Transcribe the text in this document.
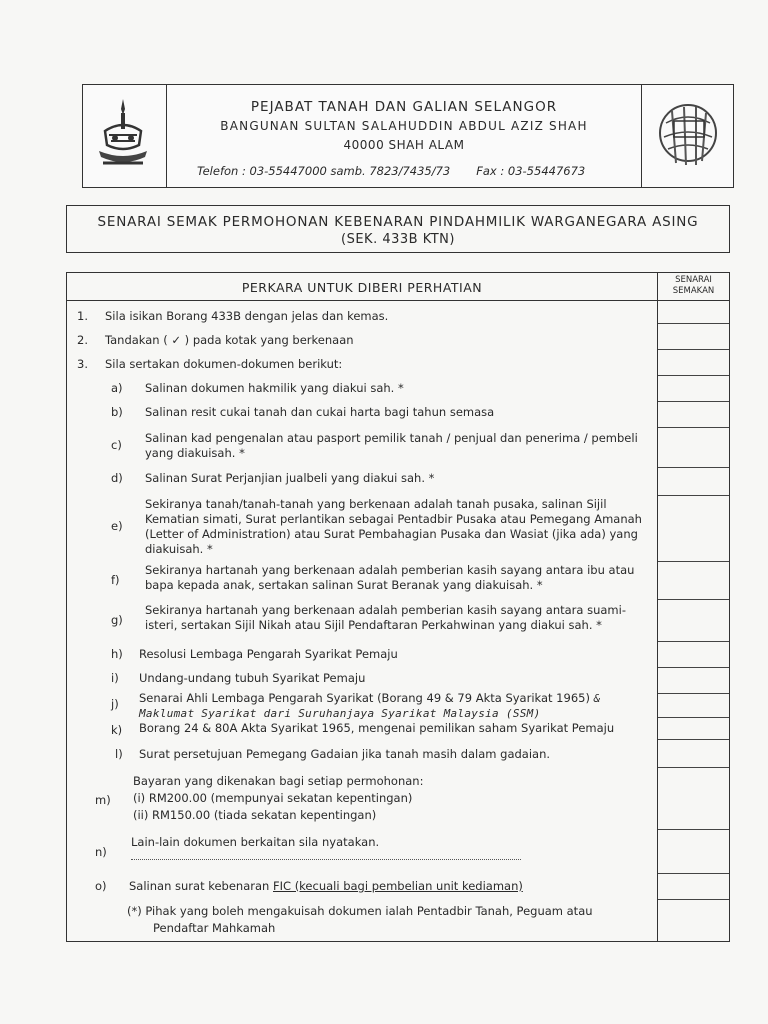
PEJABAT TANAH DAN GALIAN SELANGOR
BANGUNAN SULTAN SALAHUDDIN ABDUL AZIZ SHAH
40000 SHAH ALAM
Telefon : 03-55447000 samb. 7823/7435/73 Fax : 03-55447673
SENARAI SEMAK PERMOHONAN KEBENARAN PINDAHMILIK WARGANEGARA ASING
(SEK. 433B KTN)
PERKARA UNTUK DIBERI PERHATIAN	SENARAI
SEMAKAN
1. Sila isikan Borang 433B dengan jelas dan kemas.
2. Tandakan ( ✓ ) pada kotak yang berkenaan
3. Sila sertakan dokumen-dokumen berikut:
a) Salinan dokumen hakmilik yang diakui sah. *
b) Salinan resit cukai tanah dan cukai harta bagi tahun semasa
c) Salinan kad pengenalan atau pasport pemilik tanah / penjual dan penerima / pembeli
yang diakuisah. *
d) Salinan Surat Perjanjian jualbeli yang diakui sah. *
e)
Sekiranya tanah/tanah-tanah yang berkenaan adalah tanah pusaka, salinan Sijil
Kematian simati, Surat perlantikan sebagai Pentadbir Pusaka atau Pemegang Amanah
(Letter of Administration) atau Surat Pembahagian Pusaka dan Wasiat (jika ada) yang
diakuisah. *
f)
Sekiranya hartanah yang berkenaan adalah pemberian kasih sayang antara ibu atau
bapa kepada anak, sertakan salinan Surat Beranak yang diakuisah. *
g)
Sekiranya hartanah yang berkenaan adalah pemberian kasih sayang antara suami-
isteri, sertakan Sijil Nikah atau Sijil Pendaftaran Perkahwinan yang diakui sah. *
h) Resolusi Lembaga Pengarah Syarikat Pemaju
i) Undang-undang tubuh Syarikat Pemaju
j) Senarai Ahli Lembaga Pengarah Syarikat (Borang 49 & 79 Akta Syarikat 1965) &
Maklumat Syarikat dari Suruhanjaya Syarikat Malaysia (SSM)
k) Borang 24 & 80A Akta Syarikat 1965, mengenai pemilikan saham Syarikat Pemaju
l) Surat persetujuan Pemegang Gadaian jika tanah masih dalam gadaian.
m)
Bayaran yang dikenakan bagi setiap permohonan:
(i) RM200.00 (mempunyai sekatan kepentingan)
(ii) RM150.00 (tiada sekatan kepentingan)
n)
Lain-lain dokumen berkaitan sila nyatakan.
o) Salinan surat kebenaran FIC (kecuali bagi pembelian unit kediaman)
(*) Pihak yang boleh mengakuisah dokumen ialah Pentadbir Tanah, Peguam atau
Pendaftar Mahkamah
